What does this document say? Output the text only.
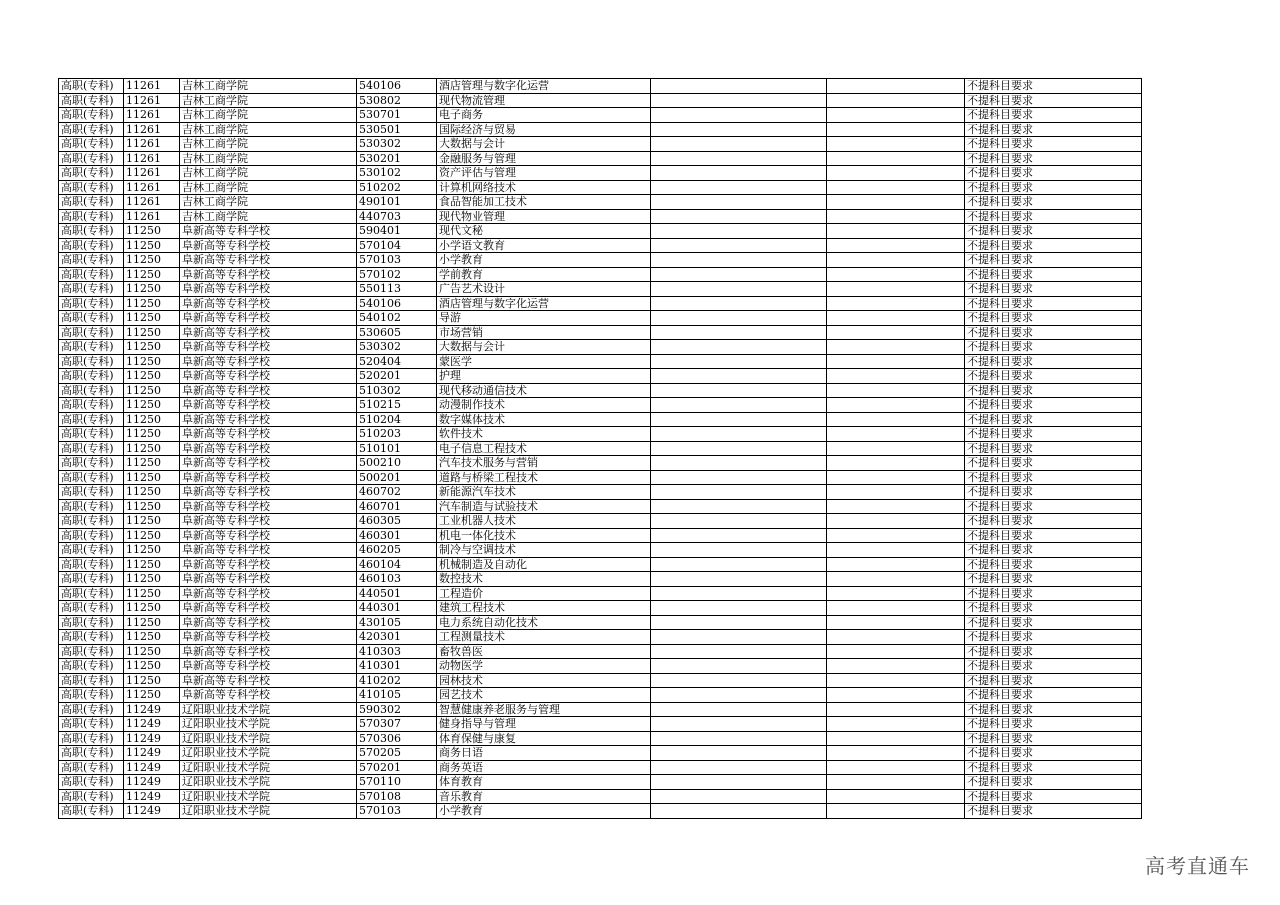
高职(专科)	11261	吉林工商学院	540106	酒店管理与数字化运营			不提科目要求
高职(专科)	11261	吉林工商学院	530802	现代物流管理			不提科目要求
高职(专科)	11261	吉林工商学院	530701	电子商务			不提科目要求
高职(专科)	11261	吉林工商学院	530501	国际经济与贸易			不提科目要求
高职(专科)	11261	吉林工商学院	530302	大数据与会计			不提科目要求
高职(专科)	11261	吉林工商学院	530201	金融服务与管理			不提科目要求
高职(专科)	11261	吉林工商学院	530102	资产评估与管理			不提科目要求
高职(专科)	11261	吉林工商学院	510202	计算机网络技术			不提科目要求
高职(专科)	11261	吉林工商学院	490101	食品智能加工技术			不提科目要求
高职(专科)	11261	吉林工商学院	440703	现代物业管理			不提科目要求
高职(专科)	11250	阜新高等专科学校	590401	现代文秘			不提科目要求
高职(专科)	11250	阜新高等专科学校	570104	小学语文教育			不提科目要求
高职(专科)	11250	阜新高等专科学校	570103	小学教育			不提科目要求
高职(专科)	11250	阜新高等专科学校	570102	学前教育			不提科目要求
高职(专科)	11250	阜新高等专科学校	550113	广告艺术设计			不提科目要求
高职(专科)	11250	阜新高等专科学校	540106	酒店管理与数字化运营			不提科目要求
高职(专科)	11250	阜新高等专科学校	540102	导游			不提科目要求
高职(专科)	11250	阜新高等专科学校	530605	市场营销			不提科目要求
高职(专科)	11250	阜新高等专科学校	530302	大数据与会计			不提科目要求
高职(专科)	11250	阜新高等专科学校	520404	蒙医学			不提科目要求
高职(专科)	11250	阜新高等专科学校	520201	护理			不提科目要求
高职(专科)	11250	阜新高等专科学校	510302	现代移动通信技术			不提科目要求
高职(专科)	11250	阜新高等专科学校	510215	动漫制作技术			不提科目要求
高职(专科)	11250	阜新高等专科学校	510204	数字媒体技术			不提科目要求
高职(专科)	11250	阜新高等专科学校	510203	软件技术			不提科目要求
高职(专科)	11250	阜新高等专科学校	510101	电子信息工程技术			不提科目要求
高职(专科)	11250	阜新高等专科学校	500210	汽车技术服务与营销			不提科目要求
高职(专科)	11250	阜新高等专科学校	500201	道路与桥梁工程技术			不提科目要求
高职(专科)	11250	阜新高等专科学校	460702	新能源汽车技术			不提科目要求
高职(专科)	11250	阜新高等专科学校	460701	汽车制造与试验技术			不提科目要求
高职(专科)	11250	阜新高等专科学校	460305	工业机器人技术			不提科目要求
高职(专科)	11250	阜新高等专科学校	460301	机电一体化技术			不提科目要求
高职(专科)	11250	阜新高等专科学校	460205	制冷与空调技术			不提科目要求
高职(专科)	11250	阜新高等专科学校	460104	机械制造及自动化			不提科目要求
高职(专科)	11250	阜新高等专科学校	460103	数控技术			不提科目要求
高职(专科)	11250	阜新高等专科学校	440501	工程造价			不提科目要求
高职(专科)	11250	阜新高等专科学校	440301	建筑工程技术			不提科目要求
高职(专科)	11250	阜新高等专科学校	430105	电力系统自动化技术			不提科目要求
高职(专科)	11250	阜新高等专科学校	420301	工程测量技术			不提科目要求
高职(专科)	11250	阜新高等专科学校	410303	畜牧兽医			不提科目要求
高职(专科)	11250	阜新高等专科学校	410301	动物医学			不提科目要求
高职(专科)	11250	阜新高等专科学校	410202	园林技术			不提科目要求
高职(专科)	11250	阜新高等专科学校	410105	园艺技术			不提科目要求
高职(专科)	11249	辽阳职业技术学院	590302	智慧健康养老服务与管理			不提科目要求
高职(专科)	11249	辽阳职业技术学院	570307	健身指导与管理			不提科目要求
高职(专科)	11249	辽阳职业技术学院	570306	体育保健与康复			不提科目要求
高职(专科)	11249	辽阳职业技术学院	570205	商务日语			不提科目要求
高职(专科)	11249	辽阳职业技术学院	570201	商务英语			不提科目要求
高职(专科)	11249	辽阳职业技术学院	570110	体育教育			不提科目要求
高职(专科)	11249	辽阳职业技术学院	570108	音乐教育			不提科目要求
高职(专科)	11249	辽阳职业技术学院	570103	小学教育			不提科目要求
高考直通车
